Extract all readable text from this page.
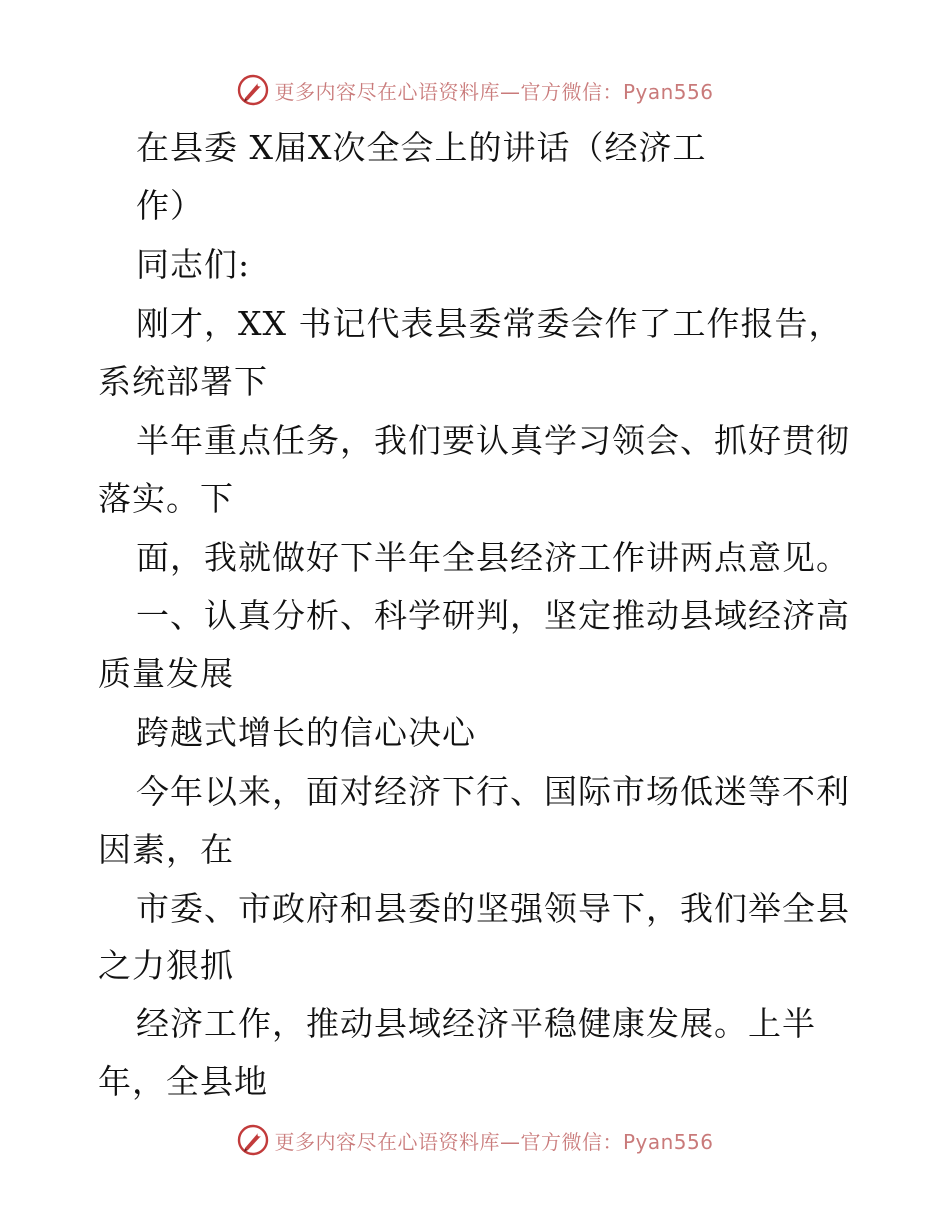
更多内容尽在心语资料库—官方微信：Pyan556
在县委 X届X次全会上的讲话（经济工
作）
同志们:
刚才，XX 书记代表县委常委会作了工作报告，
系统部署下
半年重点任务，我们要认真学习领会、抓好贯彻
落实。下
面，我就做好下半年全县经济工作讲两点意见。
一、认真分析、科学研判，坚定推动县域经济高
质量发展
跨越式增长的信心决心
今年以来，面对经济下行、国际市场低迷等不利
因素，在
市委、市政府和县委的坚强领导下，我们举全县
之力狠抓
经济工作，推动县域经济平稳健康发展。上半
年，全县地
更多内容尽在心语资料库—官方微信：Pyan556
